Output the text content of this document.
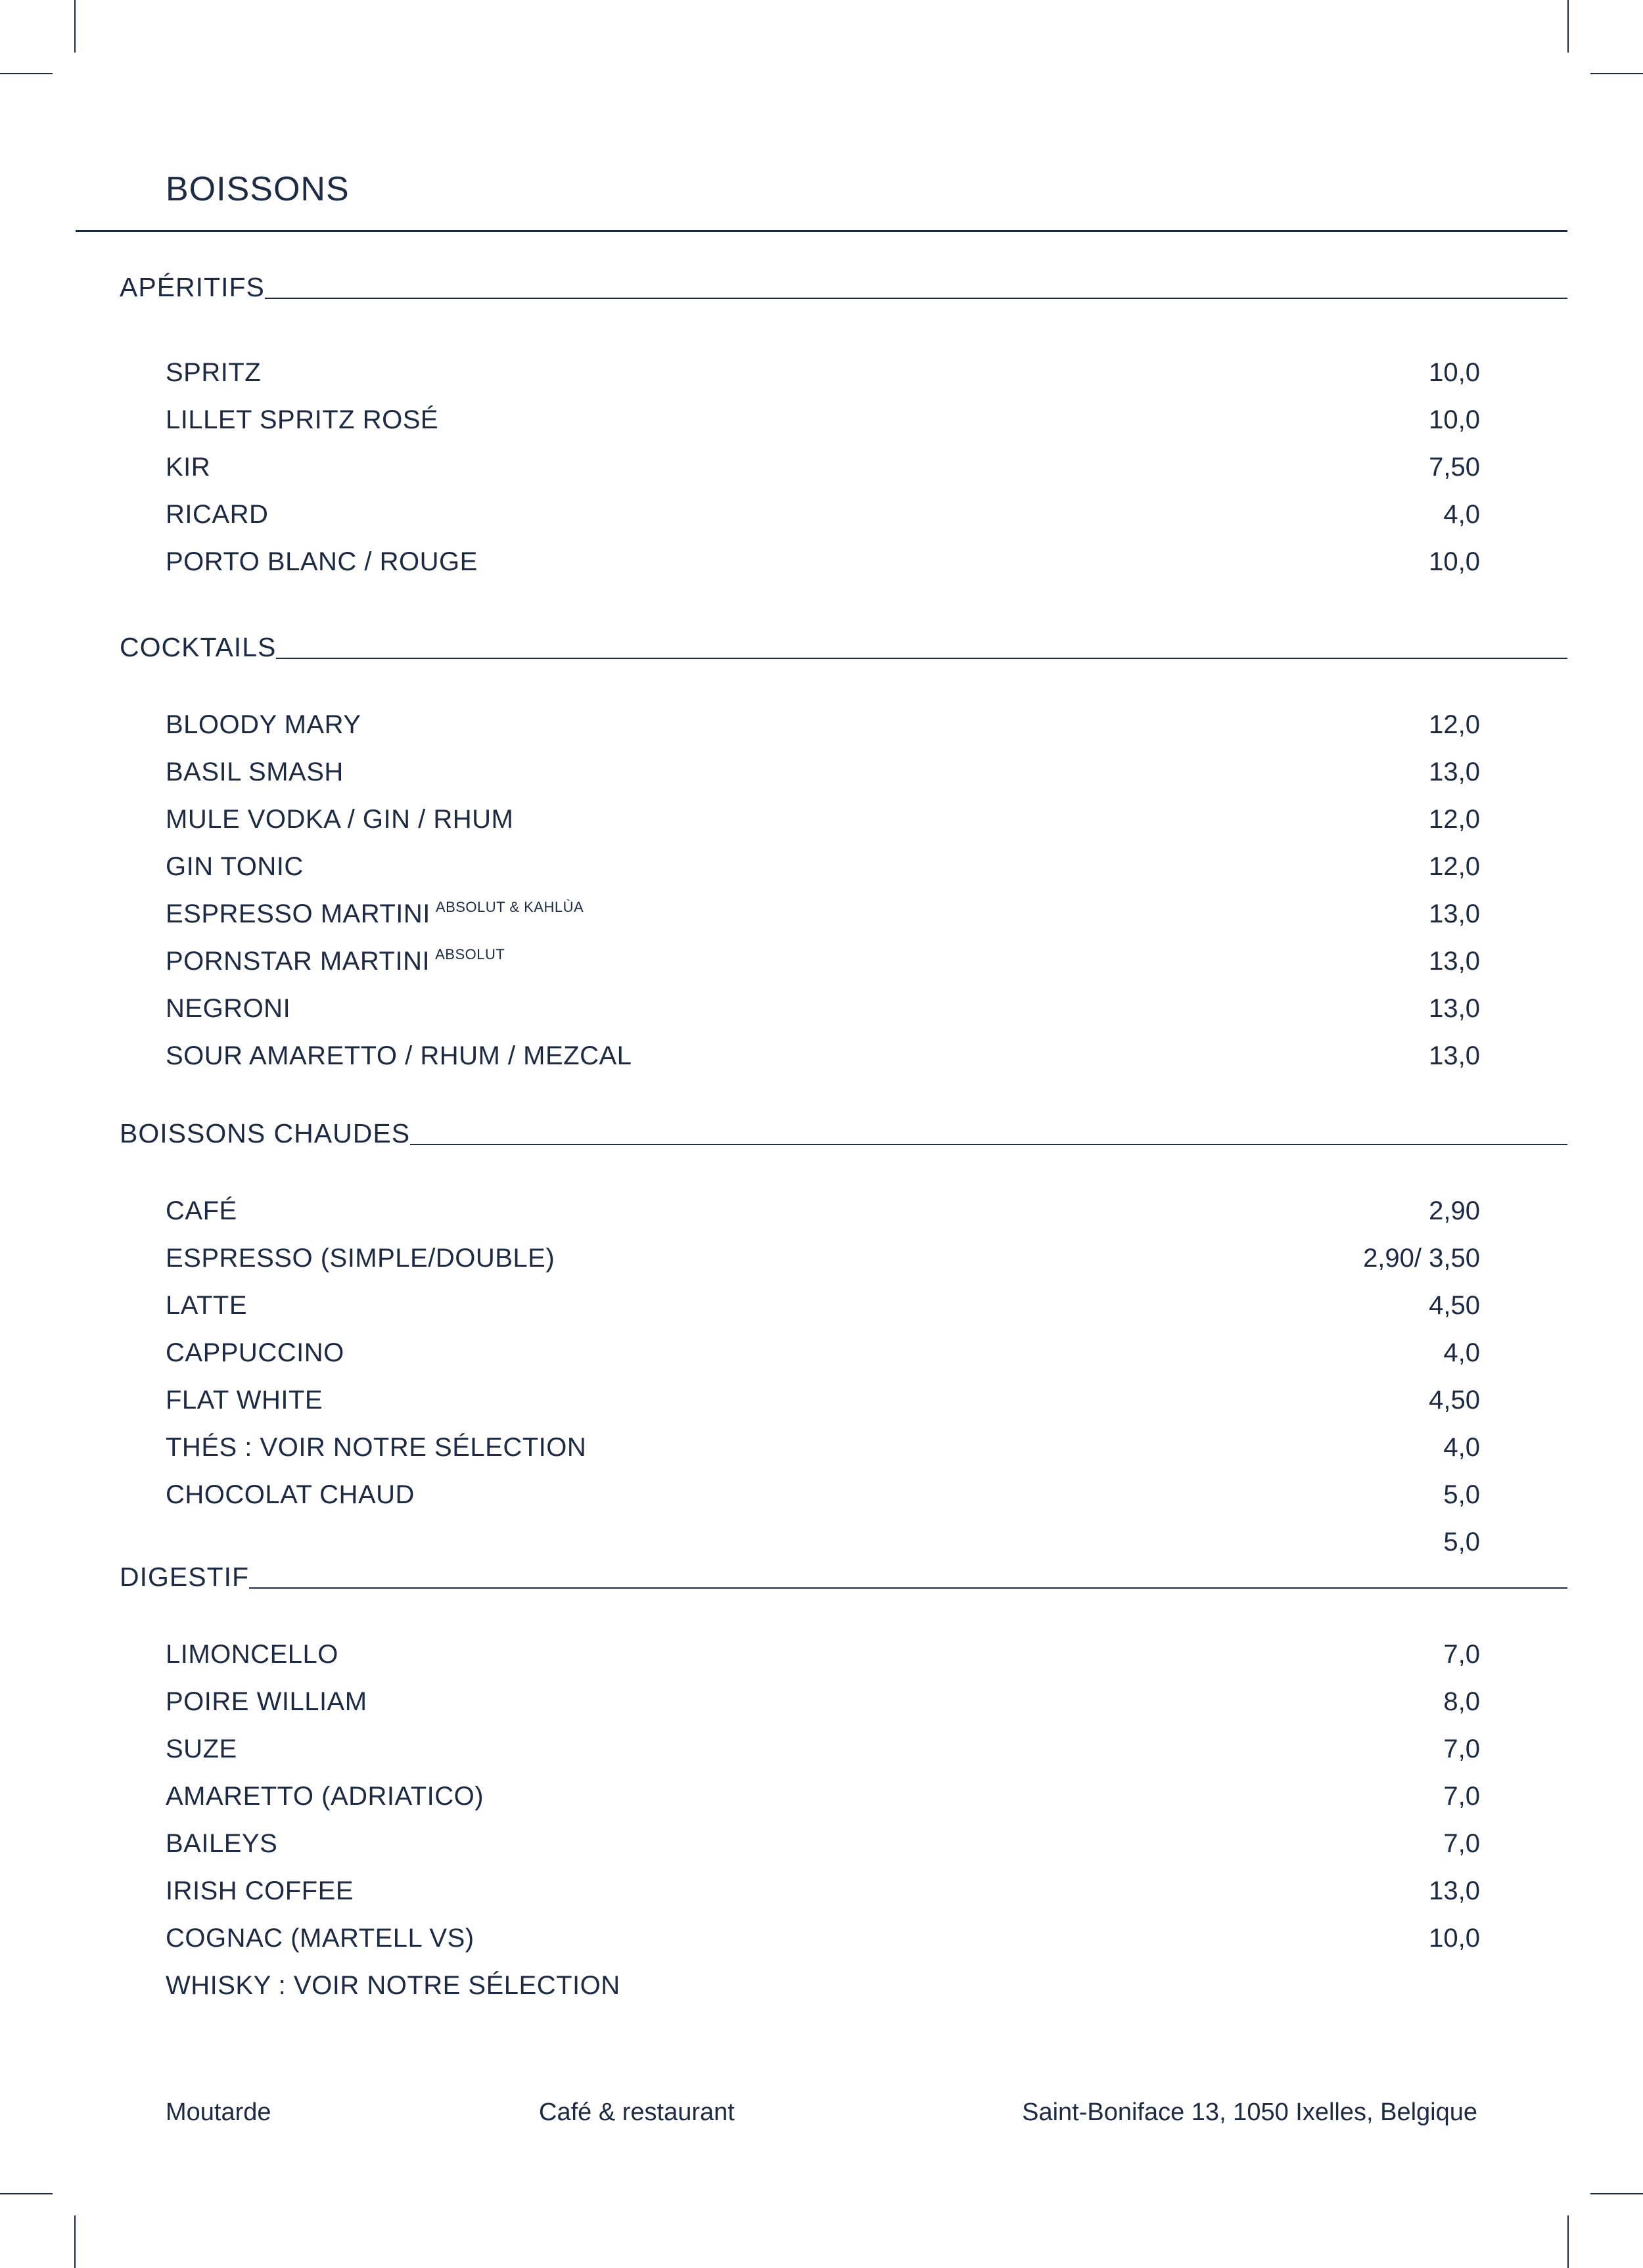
BOISSONS
APÉRITIFS
SPRITZ	10,0
LILLET SPRITZ ROSÉ	10,0
KIR	7,50
RICARD	4,0
PORTO BLANC / ROUGE	10,0
COCKTAILS
BLOODY MARY	12,0
BASIL SMASH	13,0
MULE VODKA / GIN / RHUM	12,0
GIN TONIC	12,0
ESPRESSO MARTINI $^{ABSOLUT \& KAHLÙA}$	13,0
PORNSTAR MARTINI $^{ABSOLUT}$	13,0
NEGRONI	13,0
SOUR AMARETTO / RHUM / MEZCAL	13,0
BOISSONS CHAUDES
CAFÉ	2,90
ESPRESSO (SIMPLE/DOUBLE)	2,90/ 3,50
LATTE	4,50
CAPPUCCINO	4,0
FLAT WHITE	4,50
THÉS : VOIR NOTRE SÉLECTION	4,0
CHOCOLAT CHAUD	5,0
5,0
DIGESTIF
LIMONCELLO	7,0
POIRE WILLIAM	8,0
SUZE	7,0
AMARETTO (ADRIATICO)	7,0
BAILEYS	7,0
IRISH COFFEE	13,0
COGNAC (MARTELL VS)	10,0
WHISKY : VOIR NOTRE SÉLECTION
Moutarde	Café & restaurant	Saint-Boniface 13, 1050 Ixelles, Belgique
